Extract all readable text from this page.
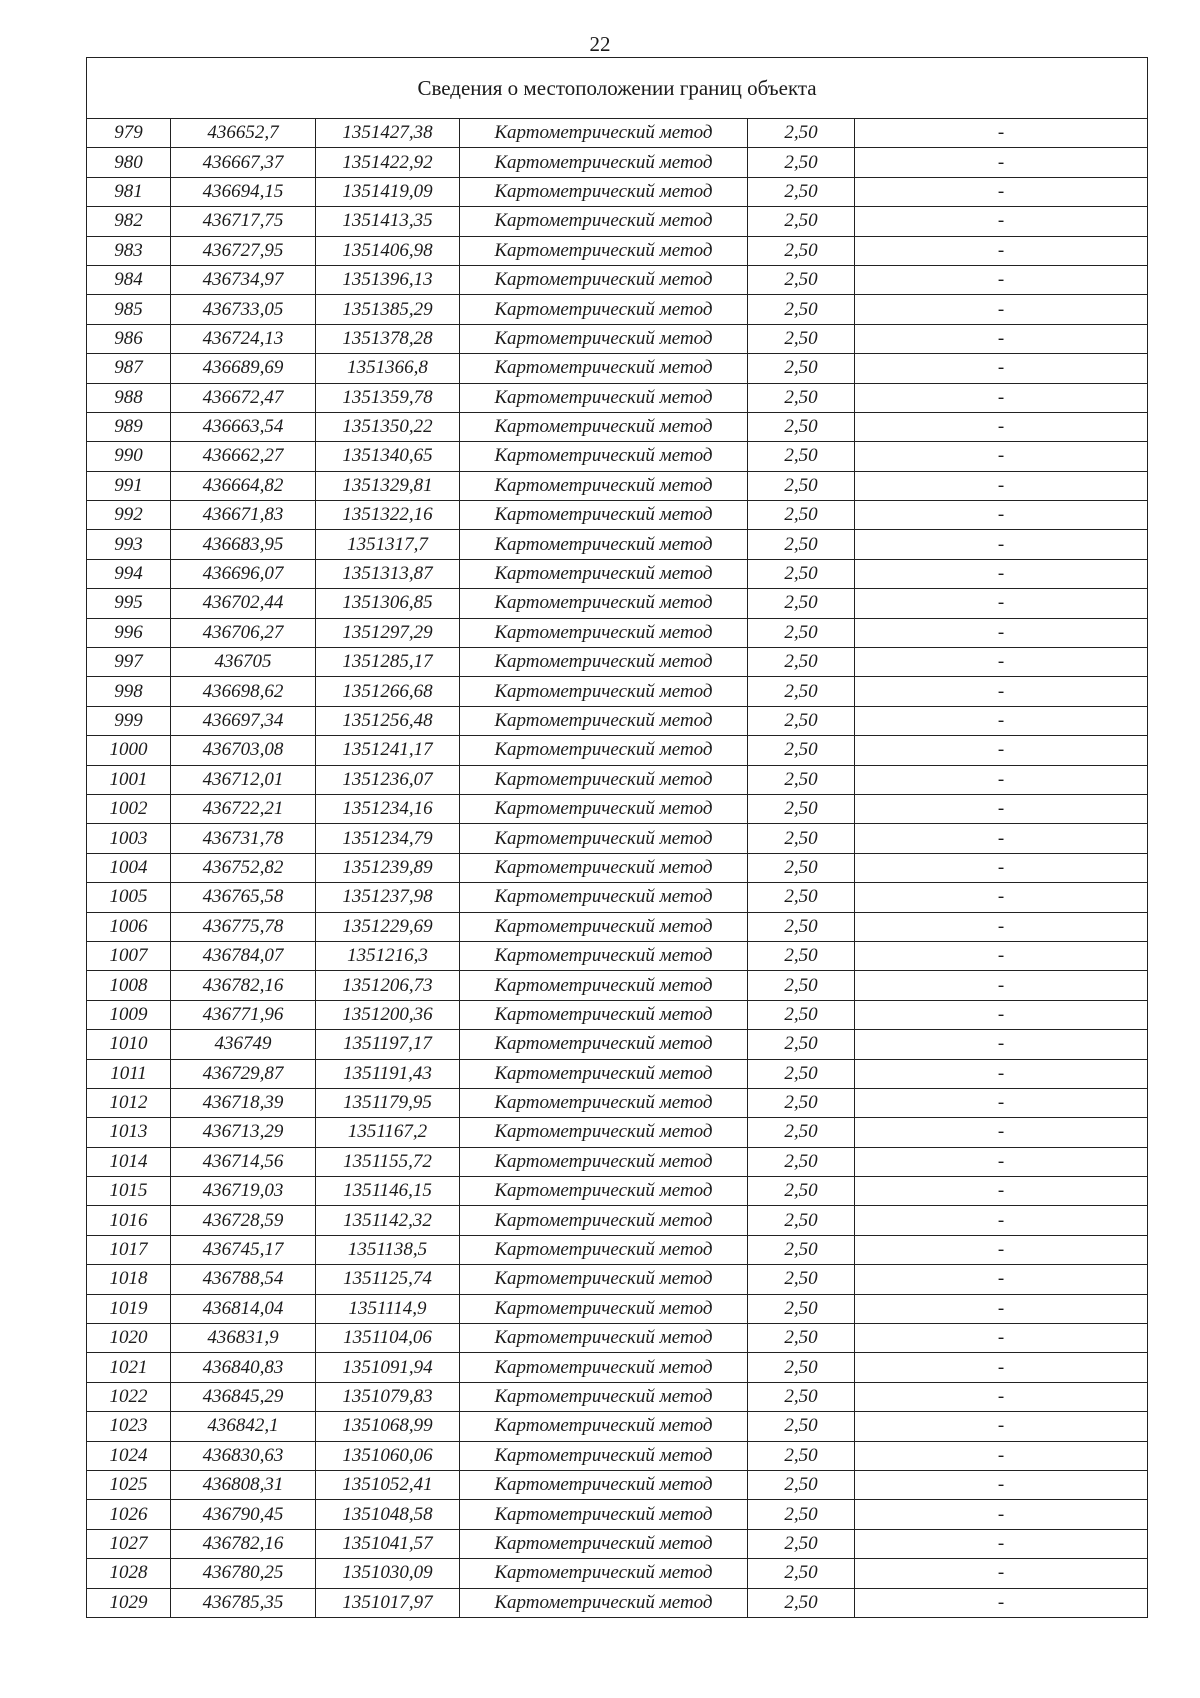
22
Сведения о местоположении границ объекта					
979	436652,7	1351427,38	Картометрический метод	2,50	-
980	436667,37	1351422,92	Картометрический метод	2,50	-
981	436694,15	1351419,09	Картометрический метод	2,50	-
982	436717,75	1351413,35	Картометрический метод	2,50	-
983	436727,95	1351406,98	Картометрический метод	2,50	-
984	436734,97	1351396,13	Картометрический метод	2,50	-
985	436733,05	1351385,29	Картометрический метод	2,50	-
986	436724,13	1351378,28	Картометрический метод	2,50	-
987	436689,69	1351366,8	Картометрический метод	2,50	-
988	436672,47	1351359,78	Картометрический метод	2,50	-
989	436663,54	1351350,22	Картометрический метод	2,50	-
990	436662,27	1351340,65	Картометрический метод	2,50	-
991	436664,82	1351329,81	Картометрический метод	2,50	-
992	436671,83	1351322,16	Картометрический метод	2,50	-
993	436683,95	1351317,7	Картометрический метод	2,50	-
994	436696,07	1351313,87	Картометрический метод	2,50	-
995	436702,44	1351306,85	Картометрический метод	2,50	-
996	436706,27	1351297,29	Картометрический метод	2,50	-
997	436705	1351285,17	Картометрический метод	2,50	-
998	436698,62	1351266,68	Картометрический метод	2,50	-
999	436697,34	1351256,48	Картометрический метод	2,50	-
1000	436703,08	1351241,17	Картометрический метод	2,50	-
1001	436712,01	1351236,07	Картометрический метод	2,50	-
1002	436722,21	1351234,16	Картометрический метод	2,50	-
1003	436731,78	1351234,79	Картометрический метод	2,50	-
1004	436752,82	1351239,89	Картометрический метод	2,50	-
1005	436765,58	1351237,98	Картометрический метод	2,50	-
1006	436775,78	1351229,69	Картометрический метод	2,50	-
1007	436784,07	1351216,3	Картометрический метод	2,50	-
1008	436782,16	1351206,73	Картометрический метод	2,50	-
1009	436771,96	1351200,36	Картометрический метод	2,50	-
1010	436749	1351197,17	Картометрический метод	2,50	-
1011	436729,87	1351191,43	Картометрический метод	2,50	-
1012	436718,39	1351179,95	Картометрический метод	2,50	-
1013	436713,29	1351167,2	Картометрический метод	2,50	-
1014	436714,56	1351155,72	Картометрический метод	2,50	-
1015	436719,03	1351146,15	Картометрический метод	2,50	-
1016	436728,59	1351142,32	Картометрический метод	2,50	-
1017	436745,17	1351138,5	Картометрический метод	2,50	-
1018	436788,54	1351125,74	Картометрический метод	2,50	-
1019	436814,04	1351114,9	Картометрический метод	2,50	-
1020	436831,9	1351104,06	Картометрический метод	2,50	-
1021	436840,83	1351091,94	Картометрический метод	2,50	-
1022	436845,29	1351079,83	Картометрический метод	2,50	-
1023	436842,1	1351068,99	Картометрический метод	2,50	-
1024	436830,63	1351060,06	Картометрический метод	2,50	-
1025	436808,31	1351052,41	Картометрический метод	2,50	-
1026	436790,45	1351048,58	Картометрический метод	2,50	-
1027	436782,16	1351041,57	Картометрический метод	2,50	-
1028	436780,25	1351030,09	Картометрический метод	2,50	-
1029	436785,35	1351017,97	Картометрический метод	2,50	-
